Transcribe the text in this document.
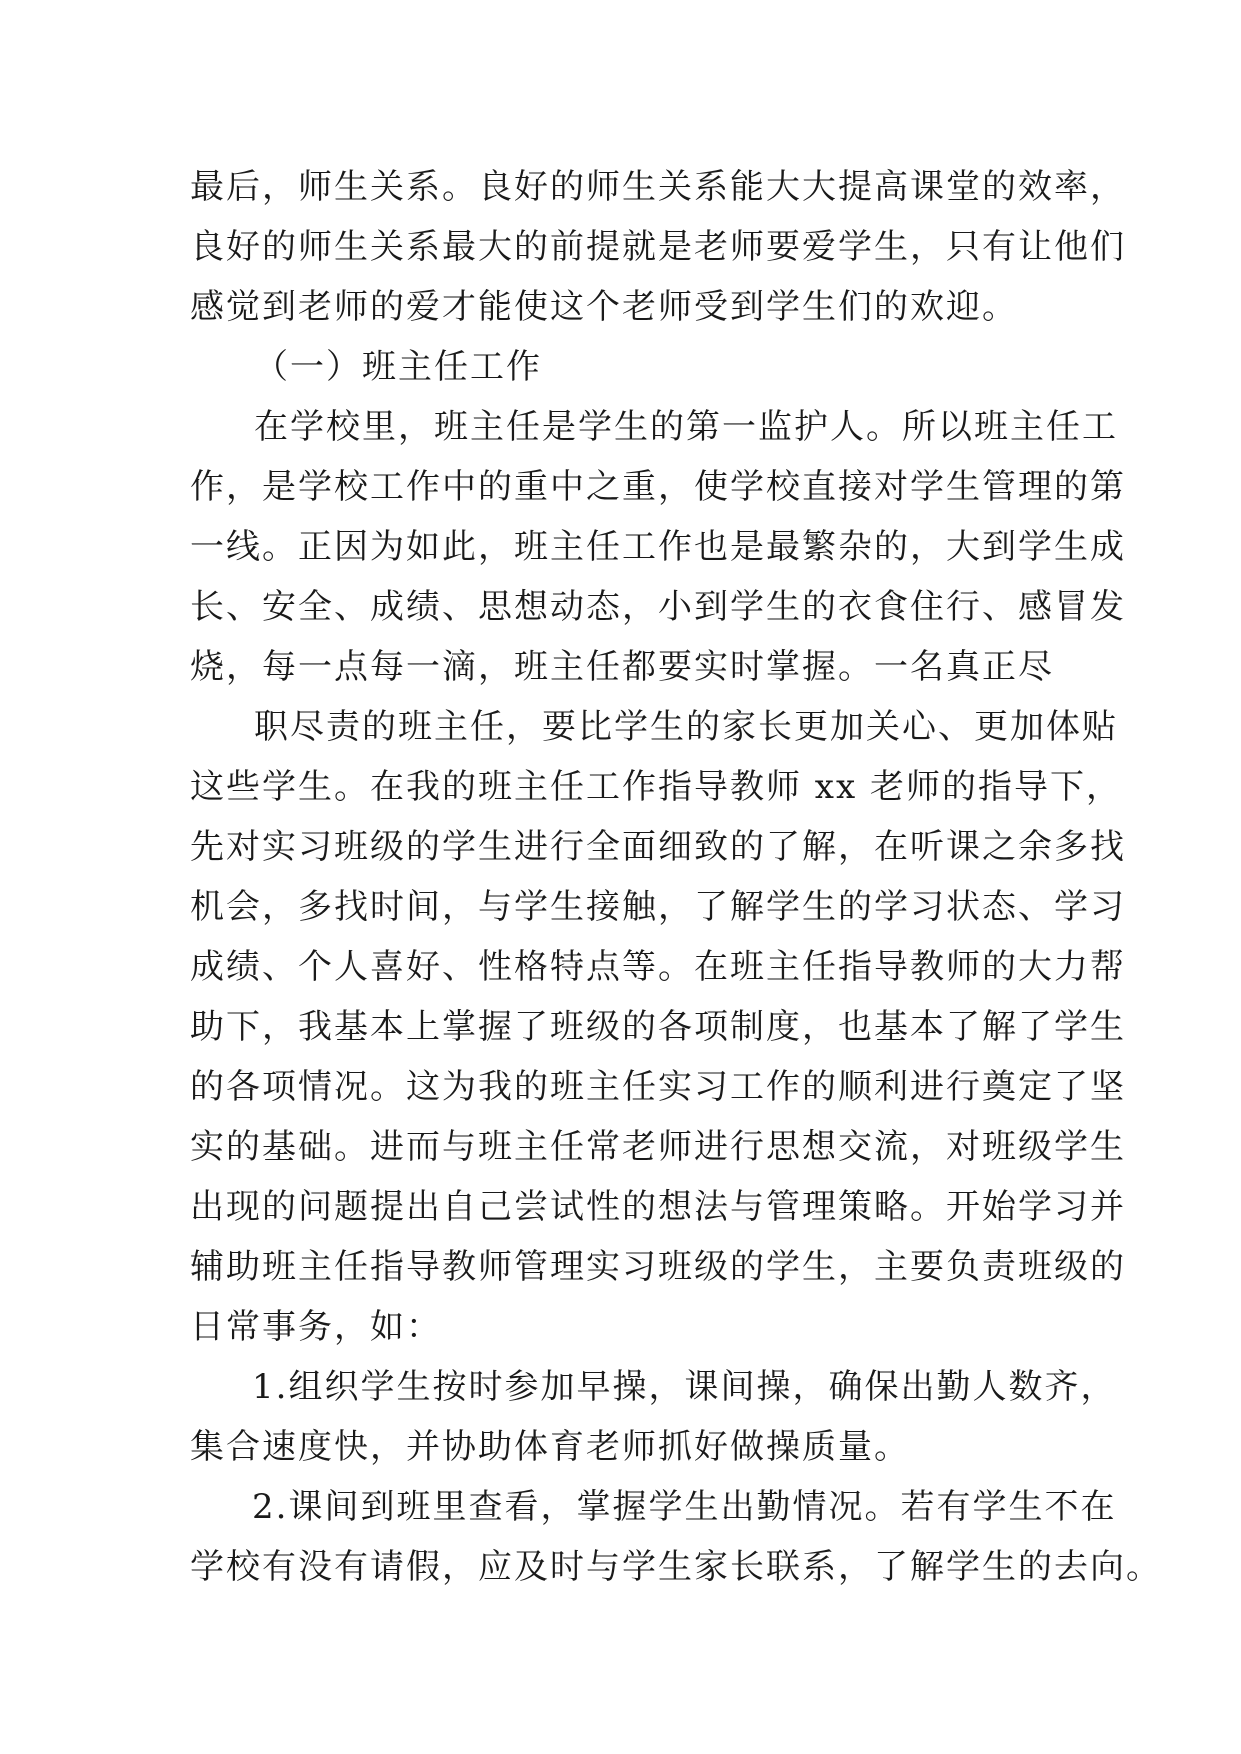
最后，师生关系。良好的师生关系能大大提高课堂的效率，
良好的师生关系最大的前提就是老师要爱学生，只有让他们
感觉到老师的爱才能使这个老师受到学生们的欢迎。
（一）班主任工作
在学校里，班主任是学生的第一监护人。所以班主任工
作，是学校工作中的重中之重，使学校直接对学生管理的第
一线。正因为如此，班主任工作也是最繁杂的，大到学生成
长、安全、成绩、思想动态，小到学生的衣食住行、感冒发
烧，每一点每一滴，班主任都要实时掌握。一名真正尽
职尽责的班主任，要比学生的家长更加关心、更加体贴
这些学生。在我的班主任工作指导教师 xx 老师的指导下，
先对实习班级的学生进行全面细致的了解，在听课之余多找
机会，多找时间，与学生接触，了解学生的学习状态、学习
成绩、个人喜好、性格特点等。在班主任指导教师的大力帮
助下，我基本上掌握了班级的各项制度，也基本了解了学生
的各项情况。这为我的班主任实习工作的顺利进行奠定了坚
实的基础。进而与班主任常老师进行思想交流，对班级学生
出现的问题提出自己尝试性的想法与管理策略。开始学习并
辅助班主任指导教师管理实习班级的学生，主要负责班级的
日常事务，如：
1.组织学生按时参加早操，课间操，确保出勤人数齐，
集合速度快，并协助体育老师抓好做操质量。
2.课间到班里查看，掌握学生出勤情况。若有学生不在
学校有没有请假，应及时与学生家长联系，了解学生的去向。
